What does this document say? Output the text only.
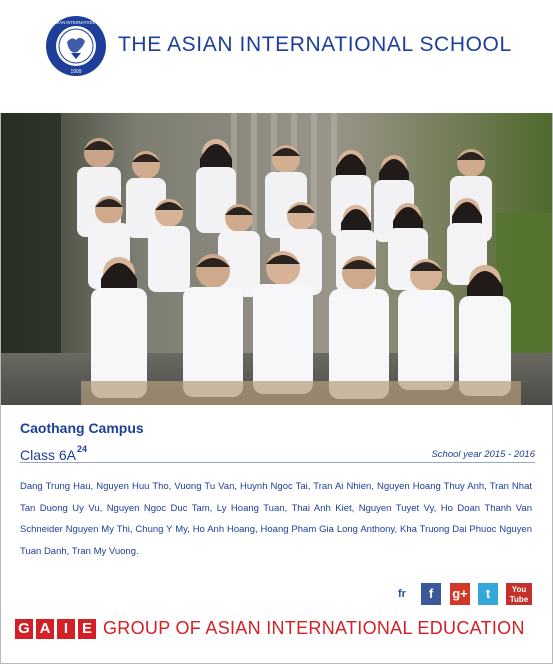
1999
ASIAN INTERNATIONAL
THE ASIAN INTERNATIONAL SCHOOL
Caothang Campus
Class $6A^{24}$	School year 2015 - 2016
Dang Trung Hau, Nguyen Huu Tho, Vuong Tu Van, Huynh Ngoc Tai, Tran Ai Nhien, Nguyen Hoang Thuy Anh, Tran Nhat Tan Duong Uy Vu, Nguyen Ngoc Duc Tam, Ly Hoang Tuan, Thai Anh Kiet, Nguyen Tuyet Vy, Ho Doan Thanh Van Schneider Nguyen My Thi, Chung Y My, Ho Anh Hoang, Hoang Pham Gia Long Anthony, Kha Truong Dai Phuoc Nguyen Tuan Danh, Tran My Vuong.
fr	f	g+	t	You
Tube
G A I E GROUP OF ASIAN INTERNATIONAL EDUCATION
